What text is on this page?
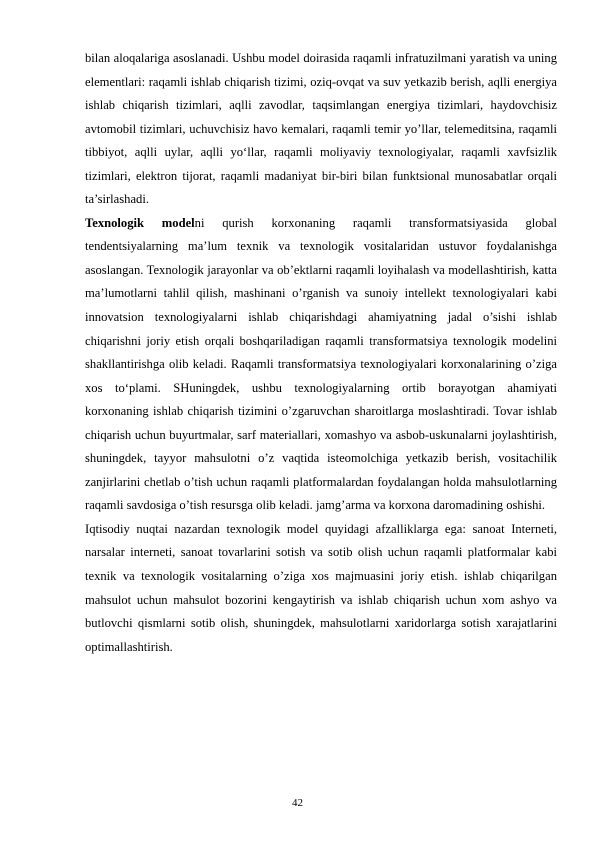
bilan aloqalariga asoslanadi. Ushbu model doirasida raqamli infratuzilmani yaratish va uning elementlari: raqamli ishlab chiqarish tizimi, oziq-ovqat va suv yetkazib berish, aqlli energiya ishlab chiqarish tizimlari, aqlli zavodlar, taqsimlangan energiya tizimlari, haydovchisiz avtomobil tizimlari, uchuvchisiz havo kemalari, raqamli temir yo’llar, telemeditsina, raqamli tibbiyot, aqlli uylar, aqlli yo‘llar, raqamli moliyaviy texnologiyalar, raqamli xavfsizlik tizimlari, elektron tijorat, raqamli madaniyat bir-biri bilan funktsional munosabatlar orqali ta’sirlashadi.

Texnologik modelni qurish korxonaning raqamli transformatsiyasida global tendentsiyalarning ma’lum texnik va texnologik vositalaridan ustuvor foydalanishga asoslangan. Texnologik jarayonlar va ob’ektlarni raqamli loyihalash va modellashtirish, katta ma’lumotlarni tahlil qilish, mashinani o’rganish va sunoiy intellekt texnologiyalari kabi innovatsion texnologiyalarni ishlab chiqarishdagi ahamiyatning jadal o’sishi ishlab chiqarishni joriy etish orqali boshqariladigan raqamli transformatsiya texnologik modelini shakllantirishga olib keladi. Raqamli transformatsiya texnologiyalari korxonalarining o’ziga xos to‘plami. SHuningdek, ushbu texnologiyalarning ortib borayotgan ahamiyati korxonaning ishlab chiqarish tizimini o’zgaruvchan sharoitlarga moslashtiradi. Tovar ishlab chiqarish uchun buyurtmalar, sarf materiallari, xomashyo va asbob-uskunalarni joylashtirish, shuningdek, tayyor mahsulotni o’z vaqtida isteomolchiga yetkazib berish, vositachilik zanjirlarini chetlab o’tish uchun raqamli platformalardan foydalangan holda mahsulotlarning raqamli savdosiga o’tish resursga olib keladi. jamg’arma va korxona daromadining oshishi.

Iqtisodiy nuqtai nazardan texnologik model quyidagi afzalliklarga ega: sanoat Interneti, narsalar interneti, sanoat tovarlarini sotish va sotib olish uchun raqamli platformalar kabi texnik va texnologik vositalarning o’ziga xos majmuasini joriy etish. ishlab chiqarilgan mahsulot uchun mahsulot bozorini kengaytirish va ishlab chiqarish uchun xom ashyo va butlovchi qismlarni sotib olish, shuningdek, mahsulotlarni xaridorlarga sotish xarajatlarini optimallashtirish.

42
